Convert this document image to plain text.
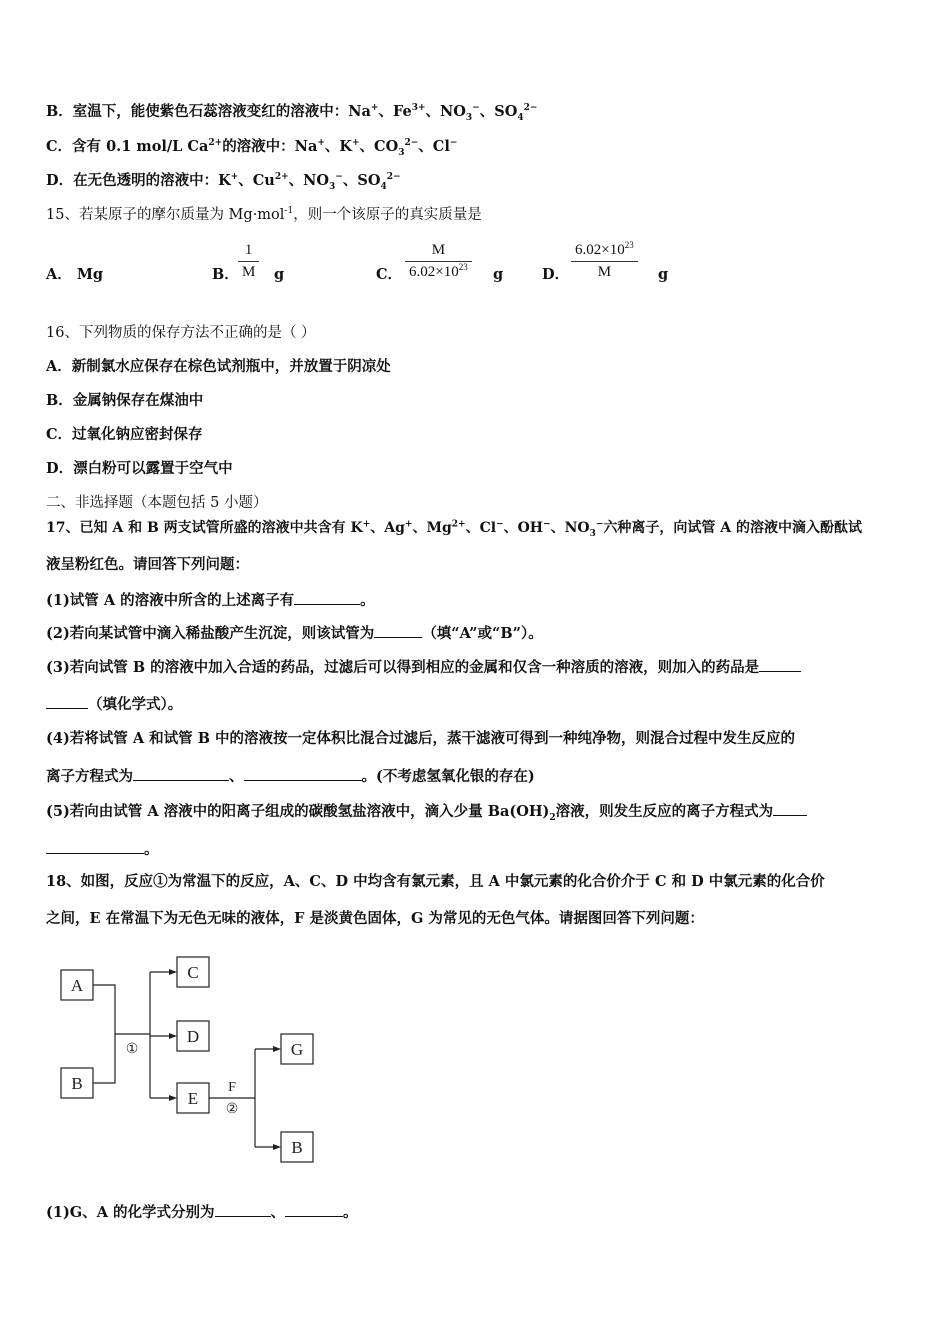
B．室温下，能使紫色石蕊溶液变红的溶液中：Na+、$Fe^{3+}$、$NO_3^-$、$SO_4^{2-}$
C．含有 0.1 mol/L $Ca^{2+}$的溶液中：Na+、K+、$CO_3^{2-}$、Cl−
D．在无色透明的溶液中：K+、$Cu^{2+}$、$NO_3^-$、$SO_4^{2-}$
15、若某原子的摩尔质量为 Mg·mol$^{-1}$，则一个该原子的真实质量是
A． Mg	B．
1
M g	C．
M
$6.02\times 10^{23}$ g	D．
$6.02\times 10^{23}$
M	g
16、下列物质的保存方法不正确的是（ ）
A．新制氯水应保存在棕色试剂瓶中，并放置于阴凉处
B．金属钠保存在煤油中
C．过氧化钠应密封保存
D．漂白粉可以露置于空气中
二、非选择题（本题包括 5 小题）
17、已知 A 和 B 两支试管所盛的溶液中共含有 K+、Ag+、$Mg^{2+}$、Cl−、OH−、$NO_3^-$六种离子，向试管 A 的溶液中滴入酚酞试
液呈粉红色。请回答下列问题：
(1)试管 A 的溶液中所含的上述离子有	。
(2)若向某试管中滴入稀盐酸产生沉淀，则该试管为	（填“A”或“B”）。
(3)若向试管 B 的溶液中加入合适的药品，过滤后可以得到相应的金属和仅含一种溶质的溶液，则加入的药品是
（填化学式）。
(4)若将试管 A 和试管 B 中的溶液按一定体积比混合过滤后，蒸干滤液可得到一种纯净物，则混合过程中发生反应的
离子方程式为	、	。(不考虑氢氧化银的存在)
(5)若向由试管 A 溶液中的阳离子组成的碳酸氢盐溶液中，滴入少量 $Ba(OH)_2$溶液，则发生反应的离子方程式为
。
18、如图，反应①为常温下的反应，A、C、D 中均含有氯元素，且 A 中氯元素的化合价介于 C 和 D 中氯元素的化合价
之间，E 在常温下为无色无味的液体，F 是淡黄色固体，G 为常见的无色气体。请据图回答下列问题：
A
B
C
D
E
G
B
①
F
②
(1)G、A 的化学式分别为	、	。
